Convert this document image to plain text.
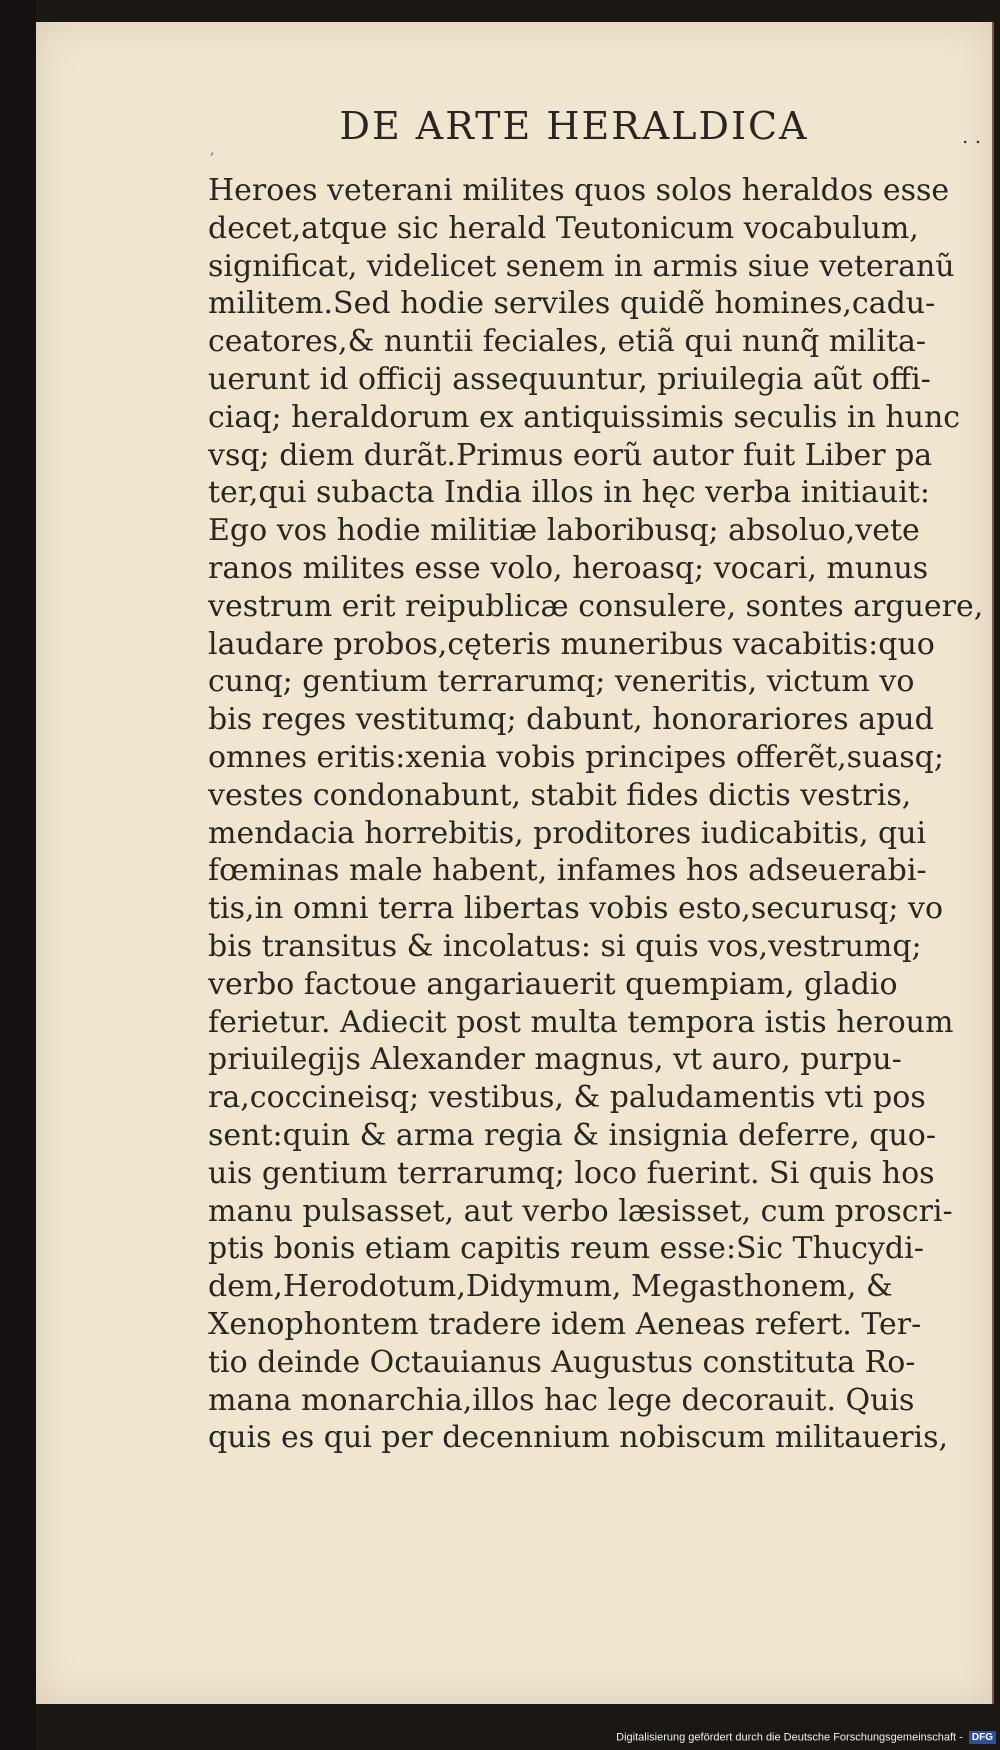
DE ARTE HERALDICA
,
. .
Heroes veterani milites quos solos heraldos esse
decet,atque sic herald Teutonicum vocabulum,
significat, videlicet senem in armis siue veteranũ
militem.Sed hodie serviles quidẽ homines,cadu-
ceatores,& nuntii feciales, etiã qui nunq̃ milita-
uerunt id officij assequuntur, priuilegia aũt offi-
ciaq; heraldorum ex antiquissimis seculis in hunc
vsq; diem durãt.Primus eorũ autor fuit Liber pa
ter,qui subacta India illos in hęc verba initiauit:
Ego vos hodie militiæ laboribusq; absoluo,vete
ranos milites esse volo, heroasq; vocari, munus
vestrum erit reipublicæ consulere, sontes arguere,
laudare probos,cęteris muneribus vacabitis:quo
cunq; gentium terrarumq; veneritis, victum vo
bis reges vestitumq; dabunt, honorariores apud
omnes eritis:xenia vobis principes offerẽt,suasq;
vestes condonabunt, stabit fides dictis vestris,
mendacia horrebitis, proditores iudicabitis, qui
fœminas male habent, infames hos adseuerabi-
tis,in omni terra libertas vobis esto,securusq; vo
bis transitus & incolatus: si quis vos,vestrumq;
verbo factoue angariauerit quempiam, gladio
ferietur. Adiecit post multa tempora istis heroum
priuilegijs Alexander magnus, vt auro, purpu-
ra,coccineisq; vestibus, & paludamentis vti pos
sent:quin & arma regia & insignia deferre, quo-
uis gentium terrarumq; loco fuerint. Si quis hos
manu pulsasset, aut verbo læsisset, cum proscri-
ptis bonis etiam capitis reum esse:Sic Thucydi-
dem,Herodotum,Didymum, Megasthonem, &
Xenophontem tradere idem Aeneas refert. Ter-
tio deinde Octauianus Augustus constituta Ro-
mana monarchia,illos hac lege decorauit. Quis
quis es qui per decennium nobiscum militaueris,
Digitalisierung gefördert durch die Deutsche Forschungsgemeinschaft - DFG
